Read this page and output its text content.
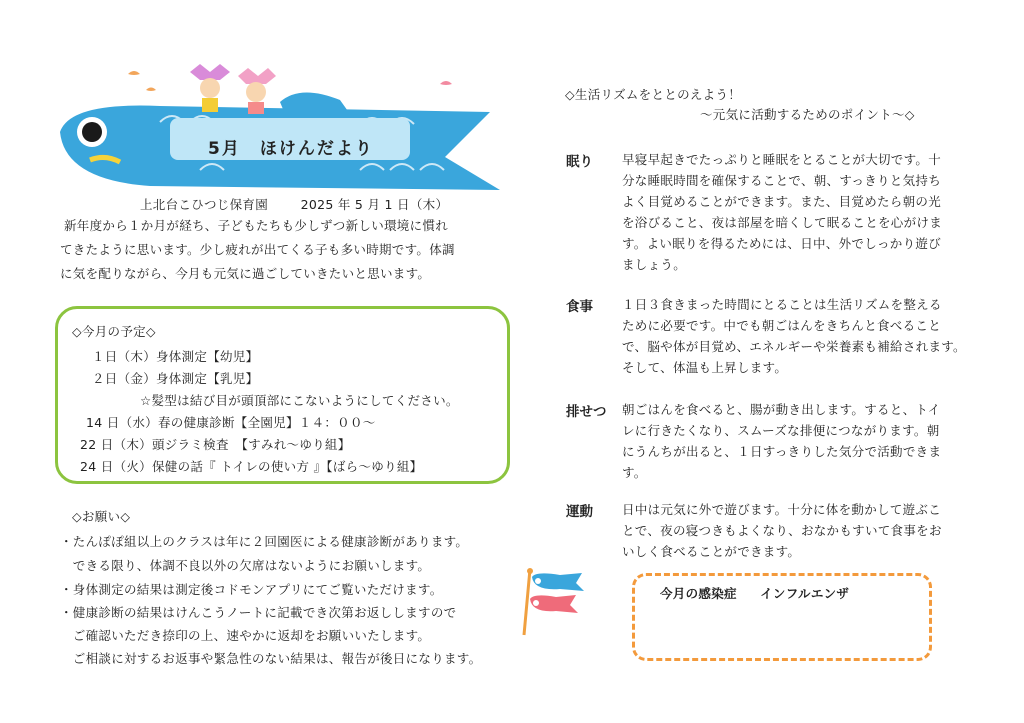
5月　ほけんだより
上北台こひつじ保育園	2025 年 5 月 1 日（木）
新年度から１か月が経ち、子どもたちも少しずつ新しい環境に慣れ
てきたように思います。少し疲れが出てくる子も多い時期です。体調
に気を配りながら、今月も元気に過ごしていきたいと思います。
◇今月の予定◇
１日（木）身体測定【幼児】
２日（金）身体測定【乳児】
☆髪型は結び目が頭頂部にこないようにしてください。
14 日（水）春の健康診断【全園児】１４：００～
22 日（木）頭ジラミ検査　【すみれ～ゆり組】
24 日（火）保健の話『 トイレの使い方 』【ばら～ゆり組】
◇お願い◇
・たんぽぽ組以上のクラスは年に２回園医による健康診断があります。
　できる限り、体調不良以外の欠席はないようにお願いします。
・身体測定の結果は測定後コドモンアプリにてご覧いただけます。
・健康診断の結果はけんこうノートに記載でき次第お返ししますので
　ご確認いただき捺印の上、速やかに返却をお願いいたします。
　ご相談に対するお返事や緊急性のない結果は、報告が後日になります。
◇生活リズムをととのえよう！
～元気に活動するためのポイント～◇
眠り 早寝早起きでたっぷりと睡眠をとることが大切です。十
分な睡眠時間を確保することで、朝、すっきりと気持ち
よく目覚めることができます。また、目覚めたら朝の光
を浴びること、夜は部屋を暗くして眠ることを心がけま
す。よい眠りを得るためには、日中、外でしっかり遊び
ましょう。
食事 １日３食きまった時間にとることは生活リズムを整える
ために必要です。中でも朝ごはんをきちんと食べること
で、脳や体が目覚め、エネルギーや栄養素も補給されます。
そして、体温も上昇します。
排せつ 朝ごはんを食べると、腸が動き出します。すると、トイ
レに行きたくなり、スムーズな排便につながります。朝
にうんちが出ると、１日すっきりした気分で活動できま
す。
運動 日中は元気に外で遊びます。十分に体を動かして遊ぶこ
とで、夜の寝つきもよくなり、おなかもすいて食事をお
いしく食べることができます。
今月の感染症 インフルエンザ
